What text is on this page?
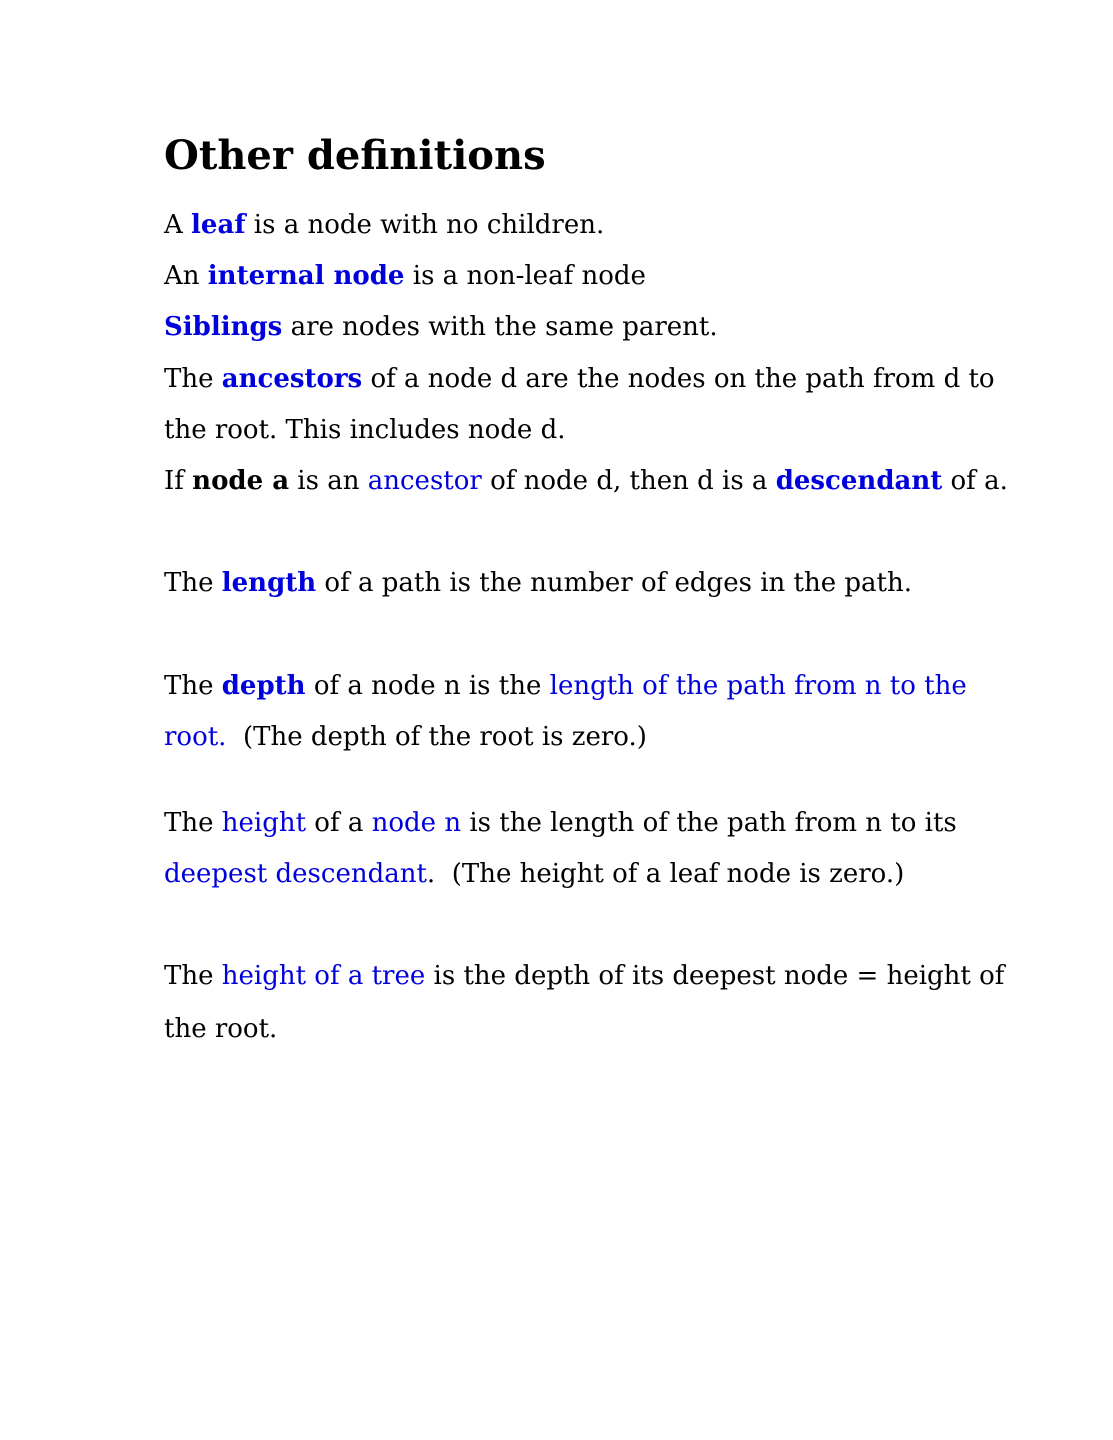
Other definitions

A leaf is a node with no children.

An internal node is a non-leaf node

Siblings are nodes with the same parent.

The ancestors of a node d are the nodes on the path from d to

the root. This includes node d.

If node a is an ancestor of node d, then d is a descendant of a.

The length of a path is the number of edges in the path.

The depth of a node n is the length of the path from n to the

root.  (The depth of the root is zero.)

The height of a node n is the length of the path from n to its

deepest descendant.  (The height of a leaf node is zero.)

The height of a tree is the depth of its deepest node = height of

the root.
